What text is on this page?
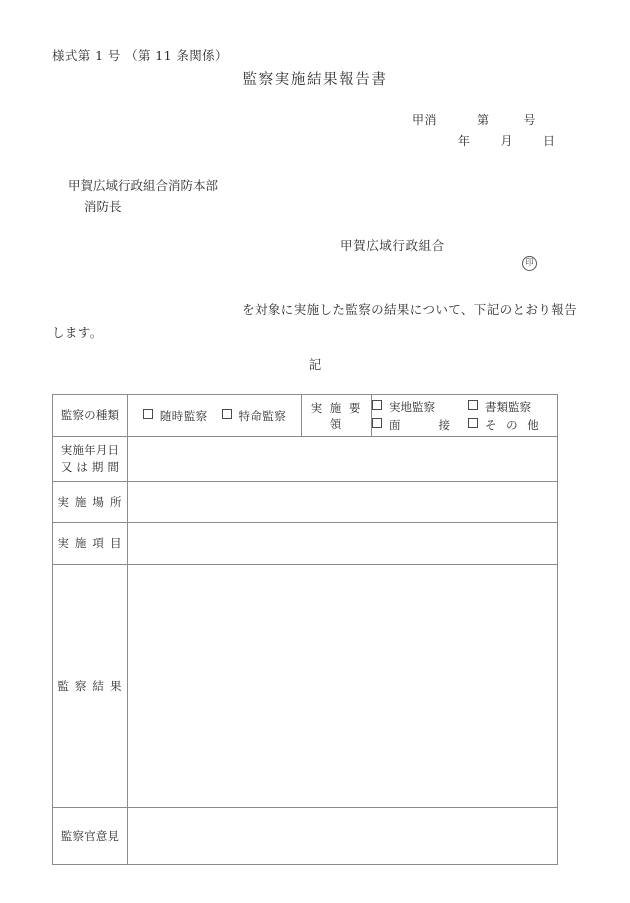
様式第 1 号 （第 11 条関係）
監察実施結果報告書
甲消	第	号
年	月	日
甲賀広域行政組合消防本部
消防長
甲賀広域行政組合
印
を対象に実施した監察の結果について、下記のとおり報告
します。
記
監察の種類	随時監察 特命監察	実 施 要 領	実地監察 書類監察
面　　接 そ の 他

実施年月日
又 は 期 間			

実 施 場 所			
実 施 項 目			
監 察 結 果			
監察官意見			
